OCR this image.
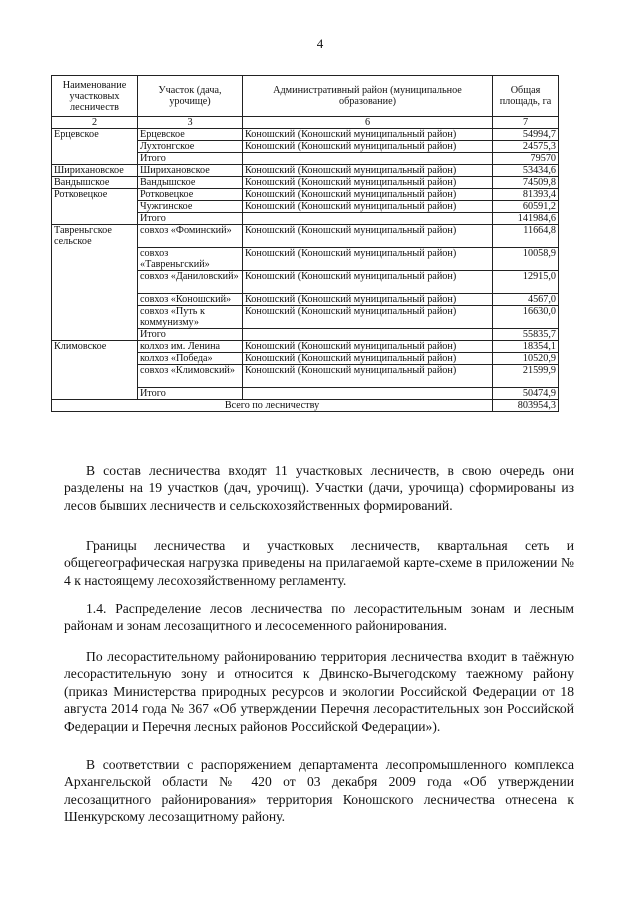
4
Наименование участковых лесничеств	Участок (дача, урочище)	Административный район (муниципальное образование)	Общая площадь, га
2	3	6	7
Ерцевское	Ерцевское	Коношский (Коношский муниципальный район)	54994,7
	Лухтонгское	Коношский (Коношский муниципальный район)	24575,3
	Итого		79570
Ширихановское	Ширихановское	Коношский (Коношский муниципальный район)	53434,6
Вандышское	Вандышское	Коношский (Коношский муниципальный район)	74509,8
Ротковецкое	Ротковецкое	Коношский (Коношский муниципальный район)	81393,4
	Чужгинское	Коношский (Коношский муниципальный район)	60591,2
	Итого		141984,6
Тавреньгское сельское	совхоз «Фоминский»	Коношский (Коношский муниципальный район)	11664,8
	совхоз «Тавреньгский»	Коношский (Коношский муниципальный район)	10058,9
	совхоз «Даниловский»	Коношский (Коношский муниципальный район)	12915,0
	совхоз «Коношский»	Коношский (Коношский муниципальный район)	4567,0
	совхоз «Путь к коммунизму»	Коношский (Коношский муниципальный район)	16630,0
	Итого		55835,7
Климовское	колхоз им. Ленина	Коношский (Коношский муниципальный район)	18354,1
	колхоз «Победа»	Коношский (Коношский муниципальный район)	10520,9
	совхоз «Климовский»	Коношский (Коношский муниципальный район)	21599,9
	Итого		50474,9
Всего по лесничеству			803954,3

В состав лесничества входят 11 участковых лесничеств, в свою очередь они разделены на 19 участков (дач, урочищ). Участки (дачи, урочища) сформированы из лесов бывших лесничеств и сельскохозяйственных формирований.

Границы лесничества и участковых лесничеств, квартальная сеть и общегеографическая нагрузка приведены на прилагаемой карте-схеме в приложении № 4 к настоящему лесохозяйственному регламенту.

1.4. Распределение лесов лесничества по лесорастительным зонам и лесным районам и зонам лесозащитного и лесосеменного районирования.

По лесорастительному районированию территория лесничества входит в таёжную лесорастительную зону и относится к Двинско-Вычегодскому таежному району (приказ Министерства природных ресурсов и экологии Российской Федерации от 18 августа 2014 года № 367 «Об утверждении Перечня лесорастительных зон Российской Федерации и Перечня лесных районов Российской Федерации»).

В соответствии с распоряжением департамента лесопромышленного комплекса Архангельской области № 420 от 03 декабря 2009 года «Об утверждении лесозащитного районирования» территория Коношского лесничества отнесена к Шенкурскому лесозащитному району.
